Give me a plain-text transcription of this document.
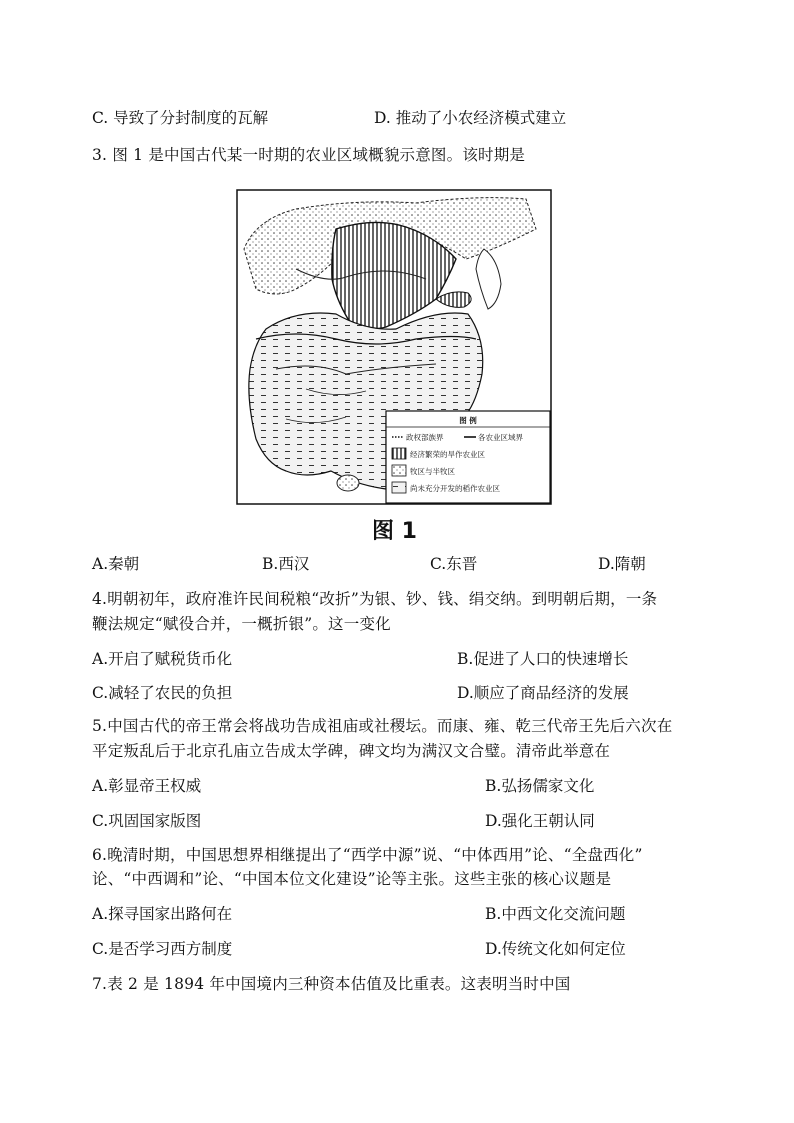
C. 导致了分封制度的瓦解	D. 推动了小农经济模式建立
3. 图 1 是中国古代某一时期的农业区域概貌示意图。该时期是
图 例
政权部族界	各农业区域界
经济繁荣的旱作农业区
牧区与半牧区
尚未充分开发的稻作农业区
图 1
A.秦朝	B.西汉	C.东晋	D.隋朝
4.明朝初年，政府准许民间税粮“改折”为银、钞、钱、绢交纳。到明朝后期，一条
鞭法规定“赋役合并，一概折银”。这一变化
A.开启了赋税货币化	B.促进了人口的快速增长
C.减轻了农民的负担	D.顺应了商品经济的发展
5.中国古代的帝王常会将战功告成祖庙或社稷坛。而康、雍、乾三代帝王先后六次在
平定叛乱后于北京孔庙立告成太学碑，碑文均为满汉文合璧。清帝此举意在
A.彰显帝王权威	B.弘扬儒家文化
C.巩固国家版图	D.强化王朝认同
6.晚清时期，中国思想界相继提出了“西学中源”说、“中体西用”论、“全盘西化”
论、“中西调和”论、“中国本位文化建设”论等主张。这些主张的核心议题是
A.探寻国家出路何在	B.中西文化交流问题
C.是否学习西方制度	D.传统文化如何定位
7.表 2 是 1894 年中国境内三种资本估值及比重表。这表明当时中国
